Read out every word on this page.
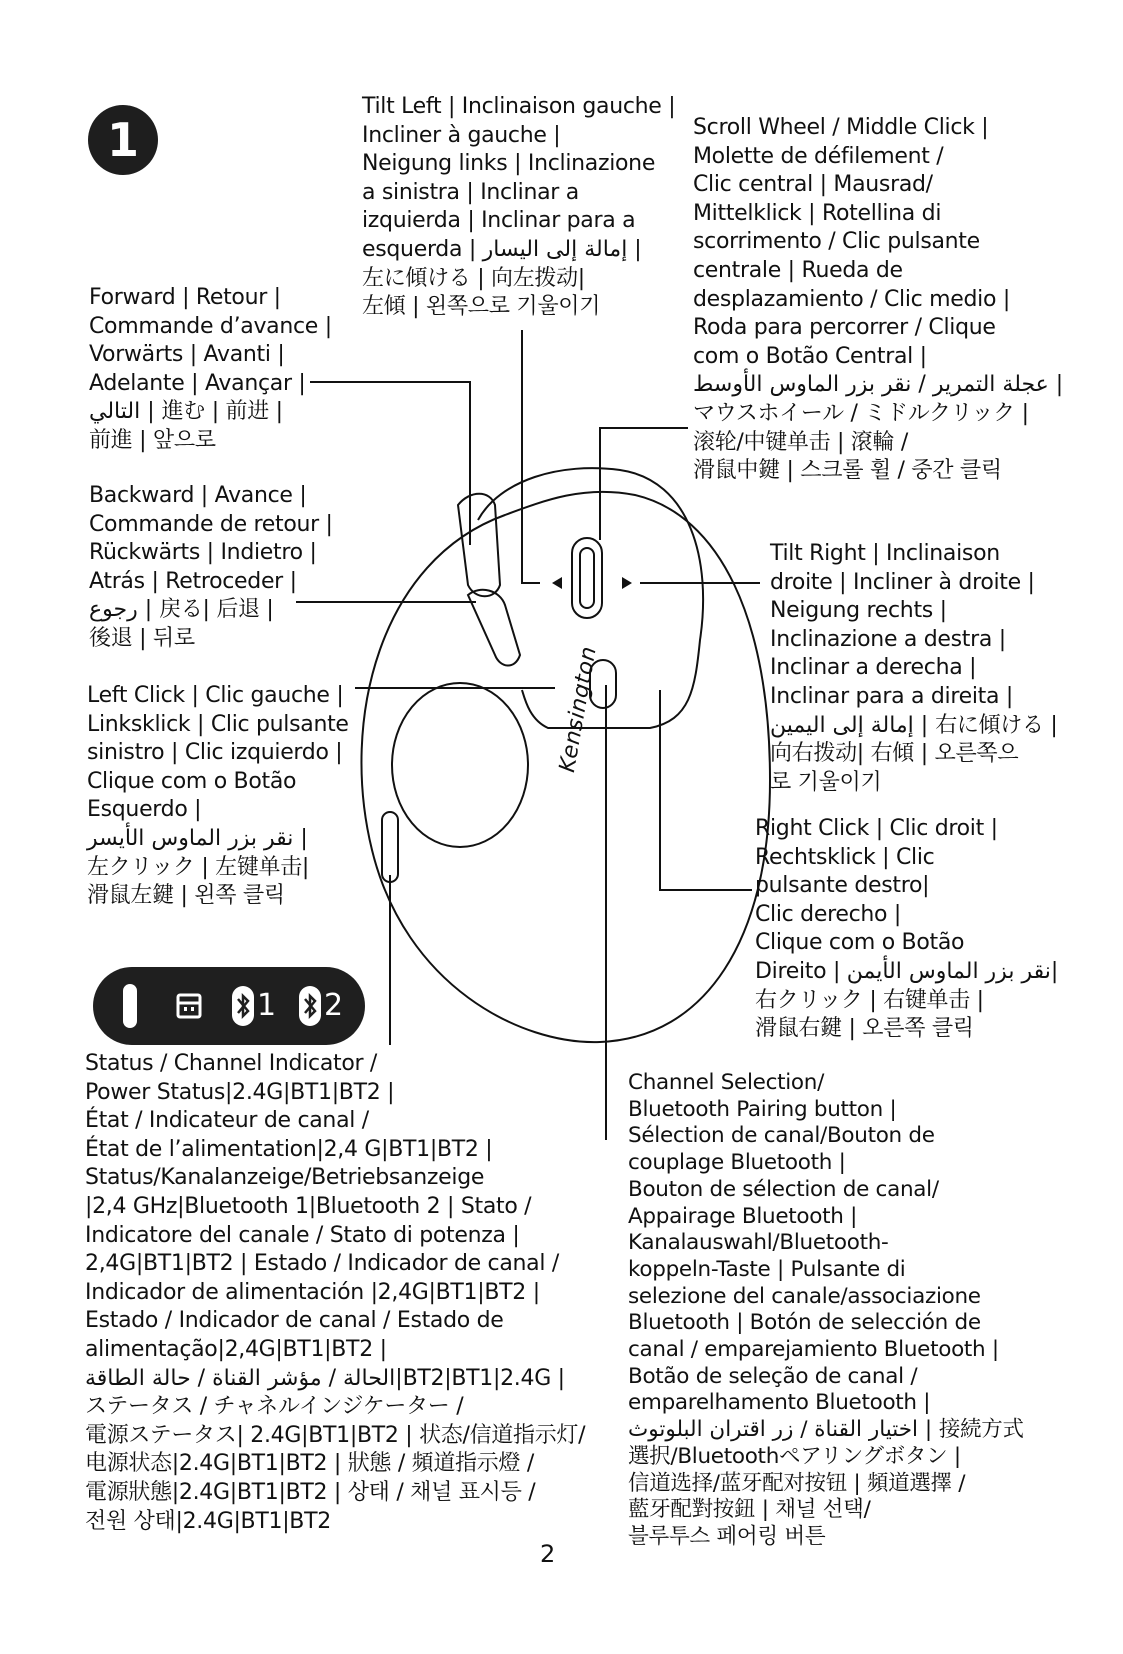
Kensington
1
Tilt Left | Inclinaison gauche |
Incliner à gauche |
Neigung links | Inclinazione
a sinistra | Inclinar a
izquierda | Inclinar para a
esquerda | إمالة إلى اليسار |
左に傾ける | 向左拨动|
左傾 | 왼쪽으로 기울이기
Scroll Wheel / Middle Click |
Molette de défilement /
Clic central | Mausrad/
Mittelklick | Rotellina di
scorrimento / Clic pulsante
centrale | Rueda de
desplazamiento / Clic medio |
Roda para percorrer / Clique
com o Botão Central |
عجلة التمرير / نقر بزر الماوس الأوسط |
マウスホイール / ミドルクリック |
滚轮/中键单击 | 滾輪 /
滑鼠中鍵 | 스크롤 휠 / 중간 클릭
Forward | Retour |
Commande d’avance |
Vorwärts | Avanti |
Adelante | Avançar |
التالي | 進む | 前进 |
前進 | 앞으로
Backward | Avance |
Commande de retour |
Rückwärts | Indietro |
Atrás | Retroceder |
رجوع | 戻る| 后退 |
後退 | 뒤로
Tilt Right | Inclinaison
droite | Incliner à droite |
Neigung rechts |
Inclinazione a destra |
Inclinar a derecha |
Inclinar para a direita |
إمالة إلى اليمين | 右に傾ける |
向右拨动| 右傾 | 오른쪽으
로 기울이기
Left Click | Clic gauche |
Linksklick | Clic pulsante
sinistro | Clic izquierdo |
Clique com o Botão
Esquerdo |
نقر بزر الماوس الأيسر |
左クリック | 左键单击|
滑鼠左鍵 | 왼쪽 클릭
Right Click | Clic droit |
Rechtsklick | Clic
pulsante destro|
Clic derecho |
Clique com o Botão
Direito | نقر بزر الماوس الأيمن|
右クリック | 右键单击 |
滑鼠右鍵 | 오른쪽 클릭
1 2
Status / Channel Indicator /
Power Status|2.4G|BT1|BT2 |
État / Indicateur de canal /
État de l’alimentation|2,4 G|BT1|BT2 |
Status/Kanalanzeige/Betriebsanzeige
|2,4 GHz|Bluetooth 1|Bluetooth 2 | Stato /
Indicatore del canale / Stato di potenza |
2,4G|BT1|BT2 | Estado / Indicador de canal /
Indicador de alimentación |2,4G|BT1|BT2 |
Estado / Indicador de canal / Estado de
alimentação|2,4G|BT1|BT2 |
الحالة / مؤشر القناة / حالة الطاقة|BT2|BT1|2.4G |
ステータス / チャネルインジケーター /
電源ステータス| 2.4G|BT1|BT2 | 状态/信道指示灯/
电源状态|2.4G|BT1|BT2 | 狀態 / 頻道指示燈 /
電源狀態|2.4G|BT1|BT2 | 상태 / 채널 표시등 /
전원 상태|2.4G|BT1|BT2
Channel Selection/
Bluetooth Pairing button |
Sélection de canal/Bouton de
couplage Bluetooth |
Bouton de sélection de canal/
Appairage Bluetooth |
Kanalauswahl/Bluetooth-
koppeln-Taste | Pulsante di
selezione del canale/associazione
Bluetooth | Botón de selección de
canal / emparejamiento Bluetooth |
Botão de seleção de canal /
emparelhamento Bluetooth |
اختيار القناة / زر اقتران البلوتوث | 接続方式
選択/Bluetoothペアリングボタン |
信道选择/蓝牙配对按钮 | 頻道選擇 /
藍牙配對按鈕 | 채널 선택/
블루투스 페어링 버튼
2
